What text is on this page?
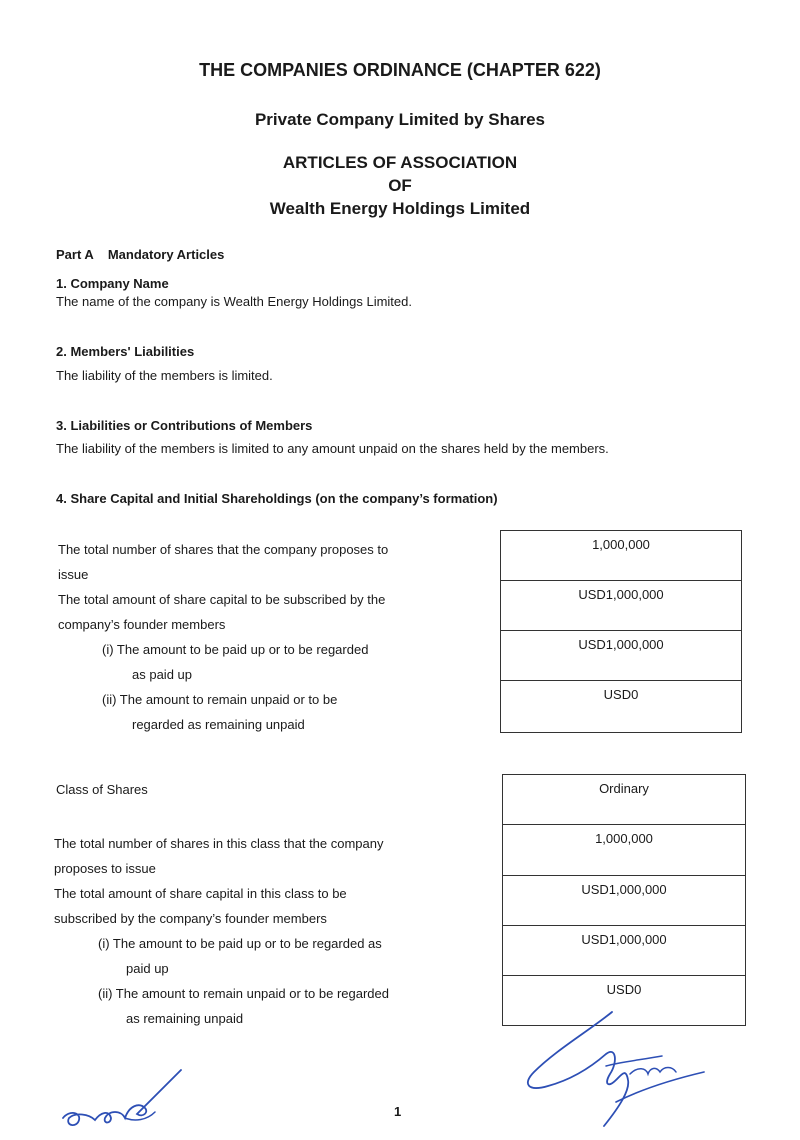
THE COMPANIES ORDINANCE (CHAPTER 622)
Private Company Limited by Shares
ARTICLES OF ASSOCIATION
OF
Wealth Energy Holdings Limited
Part A Mandatory Articles
1. Company Name
The name of the company is Wealth Energy Holdings Limited.
2. Members' Liabilities
The liability of the members is limited.
3. Liabilities or Contributions of Members
The liability of the members is limited to any amount unpaid on the shares held by the members.
4. Share Capital and Initial Shareholdings (on the company’s formation)
The total number of shares that the company proposes to
issue
The total amount of share capital to be subscribed by the
company’s founder members
(i) The amount to be paid up or to be regarded
as paid up
(ii) The amount to remain unpaid or to be
regarded as remaining unpaid
1,000,000
USD1,000,000
USD1,000,000
USD0
Class of Shares
The total number of shares in this class that the company
proposes to issue
The total amount of share capital in this class to be
subscribed by the company’s founder members
(i) The amount to be paid up or to be regarded as
paid up
(ii) The amount to remain unpaid or to be regarded
as remaining unpaid
Ordinary
1,000,000
USD1,000,000
USD1,000,000
USD0
1
